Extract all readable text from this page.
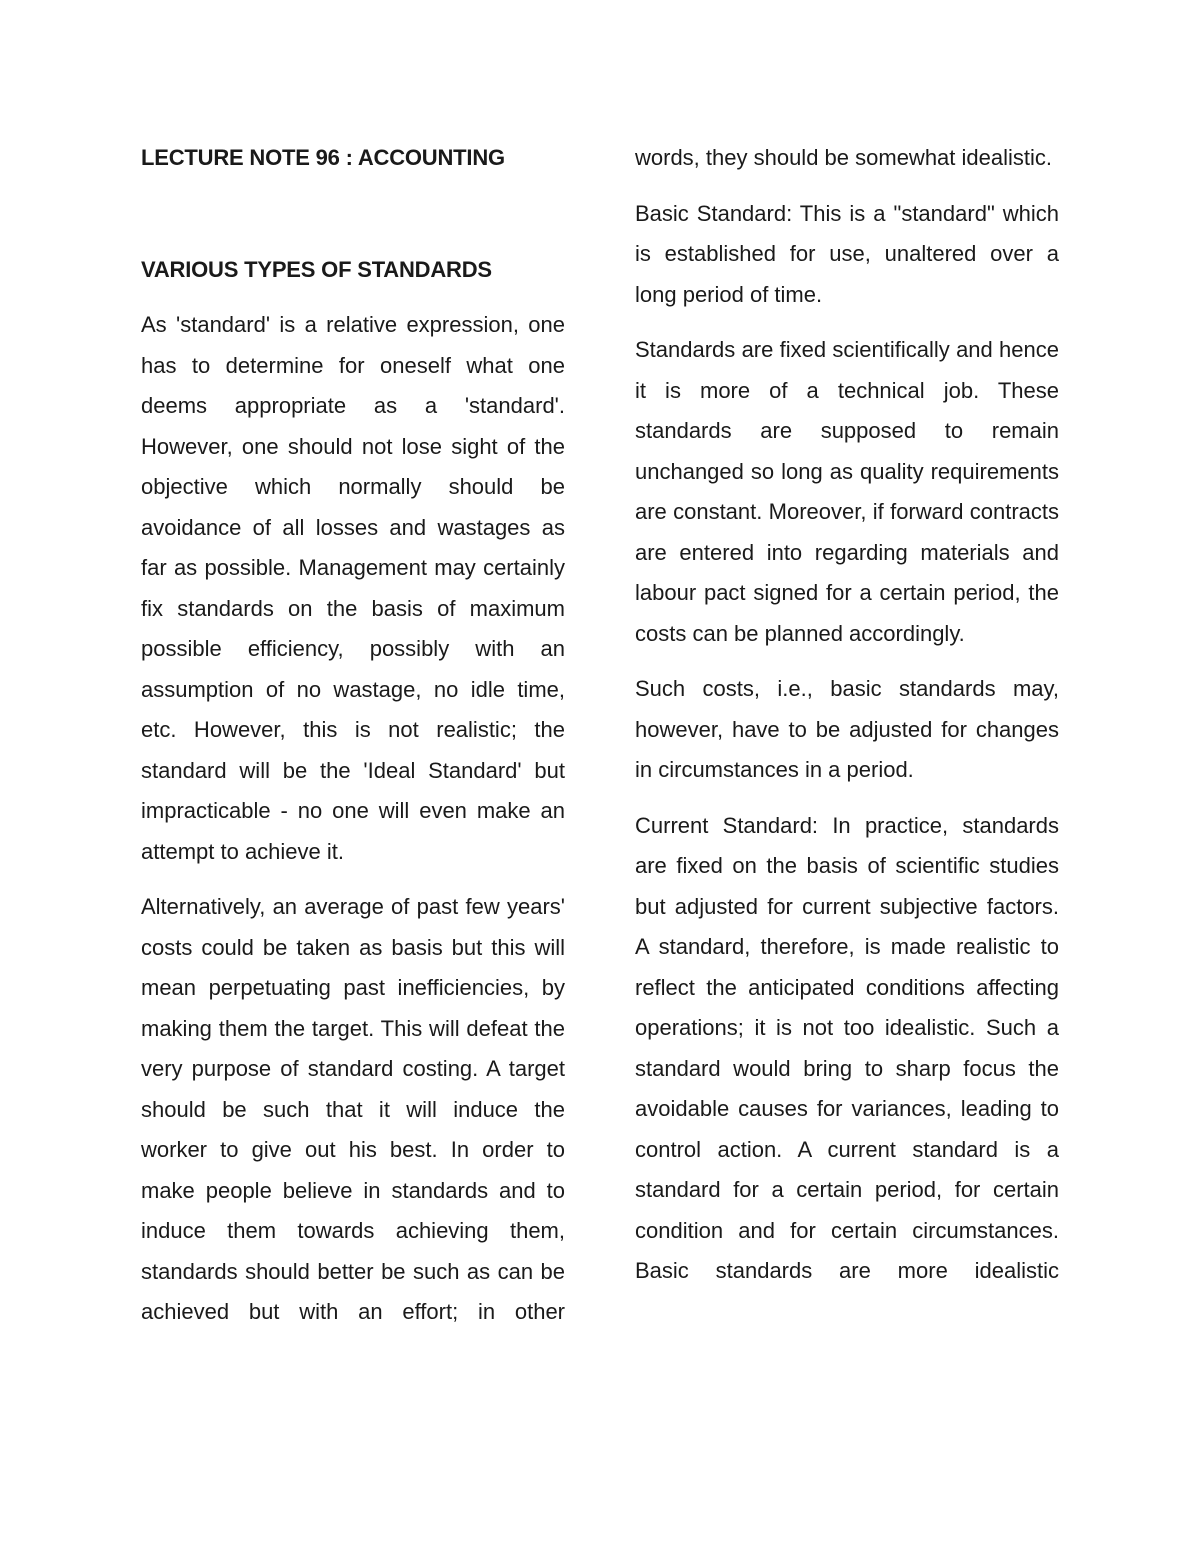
LECTURE NOTE 96 : ACCOUNTING
VARIOUS TYPES OF STANDARDS

As 'standard' is a relative expression, one has to determine for oneself what one deems appropriate as a 'standard'. However, one should not lose sight of the objective which normally should be avoidance of all losses and wastages as far as possible. Management may certainly fix standards on the basis of maximum possible efficiency, possibly with an assumption of no wastage, no idle time, etc. However, this is not realistic; the standard will be the 'Ideal Standard' but impracticable - no one will even make an attempt to achieve it.

Alternatively, an average of past few years' costs could be taken as basis but this will mean perpetuating past inefficiencies, by making them the target. This will defeat the very purpose of standard costing. A target should be such that it will induce the worker to give out his best. In order to make people believe in standards and to induce them towards achieving them, standards should better be such as can be achieved but with an effort; in other

words, they should be somewhat idealistic.

Basic Standard: This is a "standard" which is established for use, unaltered over a long period of time.

Standards are fixed scientifically and hence it is more of a technical job. These standards are supposed to remain unchanged so long as quality requirements are constant. Moreover, if forward contracts are entered into regarding materials and labour pact signed for a certain period, the costs can be planned accordingly.

Such costs, i.e., basic standards may, however, have to be adjusted for changes in circumstances in a period.

Current Standard: In practice, standards are fixed on the basis of scientific studies but adjusted for current subjective factors. A standard, therefore, is made realistic to reflect the anticipated conditions affecting operations; it is not too idealistic. Such a standard would bring to sharp focus the avoidable causes for variances, leading to control action. A current standard is a standard for a certain period, for certain condition and for certain circumstances. Basic standards are more idealistic
